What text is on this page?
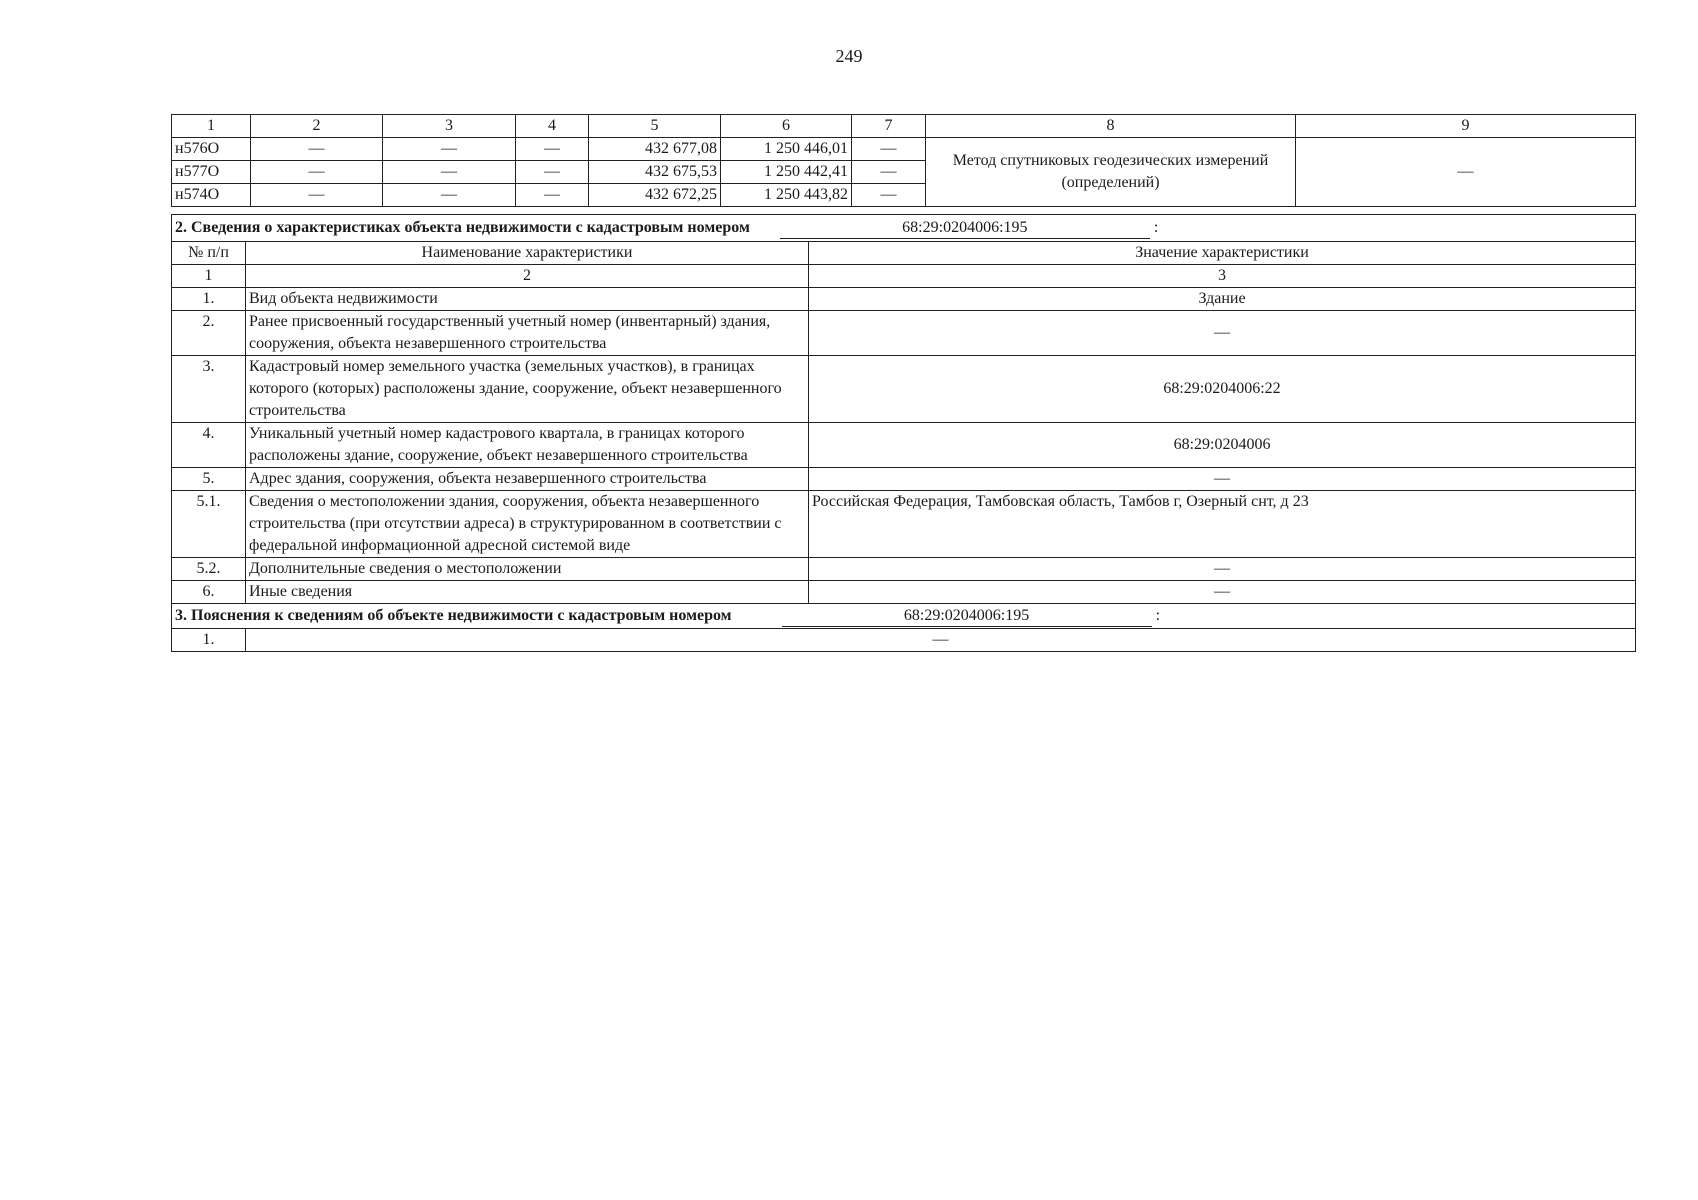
249
1	2	3	4	5	6	7	8	9
н576О	—	—	—	432 677,08	1 250 446,01	—	Метод спутниковых геодезических измерений (определений)	—
н577О	—	—	—	432 675,53	1 250 442,41	—		
н574О	—	—	—	432 672,25	1 250 443,82	—		
2. Сведения о характеристиках объекта недвижимости с кадастровым номером 68:29:0204006:195 :		

№ п/п	Наименование характеристики	Значение характеристики
1	2	3
1.	Вид объекта недвижимости	Здание
2.	Ранее присвоенный государственный учетный номер (инвентарный) здания, сооружения, объекта незавершенного строительства	—
3.	Кадастровый номер земельного участка (земельных участков), в границах которого (которых) расположены здание, сооружение, объект незавершенного строительства	68:29:0204006:22
4.	Уникальный учетный номер кадастрового квартала, в границах которого расположены здание, сооружение, объект незавершенного строительства	68:29:0204006
5.	Адрес здания, сооружения, объекта незавершенного строительства	—
5.1.	Сведения о местоположении здания, сооружения, объекта незавершенного строительства (при отсутствии адреса) в структурированном в соответствии с федеральной информационной адресной системой виде	Российская Федерация, Тамбовская область, Тамбов г, Озерный снт, д 23
5.2.	Дополнительные сведения о местоположении	—
6.	Иные сведения	—

3. Пояснения к сведениям об объекте недвижимости с кадастровым номером 68:29:0204006:195 :		

1.	—	
